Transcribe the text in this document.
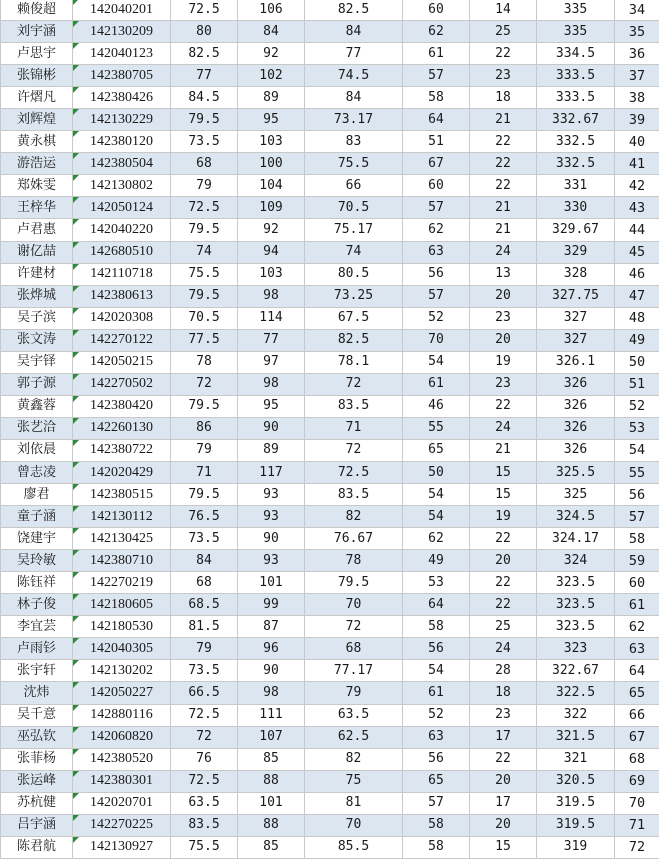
赖俊超	142040201	72.5	106	82.5	60	14	335	34
刘宇涵	142130209	80	84	84	62	25	335	35
卢思宇	142040123	82.5	92	77	61	22	334.5	36
张锦彬	142380705	77	102	74.5	57	23	333.5	37
许熠凡	142380426	84.5	89	84	58	18	333.5	38
刘辉煌	142130229	79.5	95	73.17	64	21	332.67	39
黄永棋	142380120	73.5	103	83	51	22	332.5	40
游浩运	142380504	68	100	75.5	67	22	332.5	41
郑姝雯	142130802	79	104	66	60	22	331	42
王梓华	142050124	72.5	109	70.5	57	21	330	43
卢君惠	142040220	79.5	92	75.17	62	21	329.67	44
谢亿喆	142680510	74	94	74	63	24	329	45
许建材	142110718	75.5	103	80.5	56	13	328	46
张烨城	142380613	79.5	98	73.25	57	20	327.75	47
吴子滨	142020308	70.5	114	67.5	52	23	327	48
张文涛	142270122	77.5	77	82.5	70	20	327	49
吴宇铎	142050215	78	97	78.1	54	19	326.1	50
郭子源	142270502	72	98	72	61	23	326	51
黄鑫蓉	142380420	79.5	95	83.5	46	22	326	52
张艺洽	142260130	86	90	71	55	24	326	53
刘依晨	142380722	79	89	72	65	21	326	54
曾志凌	142020429	71	117	72.5	50	15	325.5	55
廖君	142380515	79.5	93	83.5	54	15	325	56
童子涵	142130112	76.5	93	82	54	19	324.5	57
饶建宇	142130425	73.5	90	76.67	62	22	324.17	58
吴玲敏	142380710	84	93	78	49	20	324	59
陈钰祥	142270219	68	101	79.5	53	22	323.5	60
林子俊	142180605	68.5	99	70	64	22	323.5	61
李宜芸	142180530	81.5	87	72	58	25	323.5	62
卢雨钐	142040305	79	96	68	56	24	323	63
张宇轩	142130202	73.5	90	77.17	54	28	322.67	64
沈炜	142050227	66.5	98	79	61	18	322.5	65
吴千意	142880116	72.5	111	63.5	52	23	322	66
巫弘钦	142060820	72	107	62.5	63	17	321.5	67
张菲杨	142380520	76	85	82	56	22	321	68
张运峰	142380301	72.5	88	75	65	20	320.5	69
苏杭健	142020701	63.5	101	81	57	17	319.5	70
吕宇涵	142270225	83.5	88	70	58	20	319.5	71
陈君航	142130927	75.5	85	85.5	58	15	319	72
